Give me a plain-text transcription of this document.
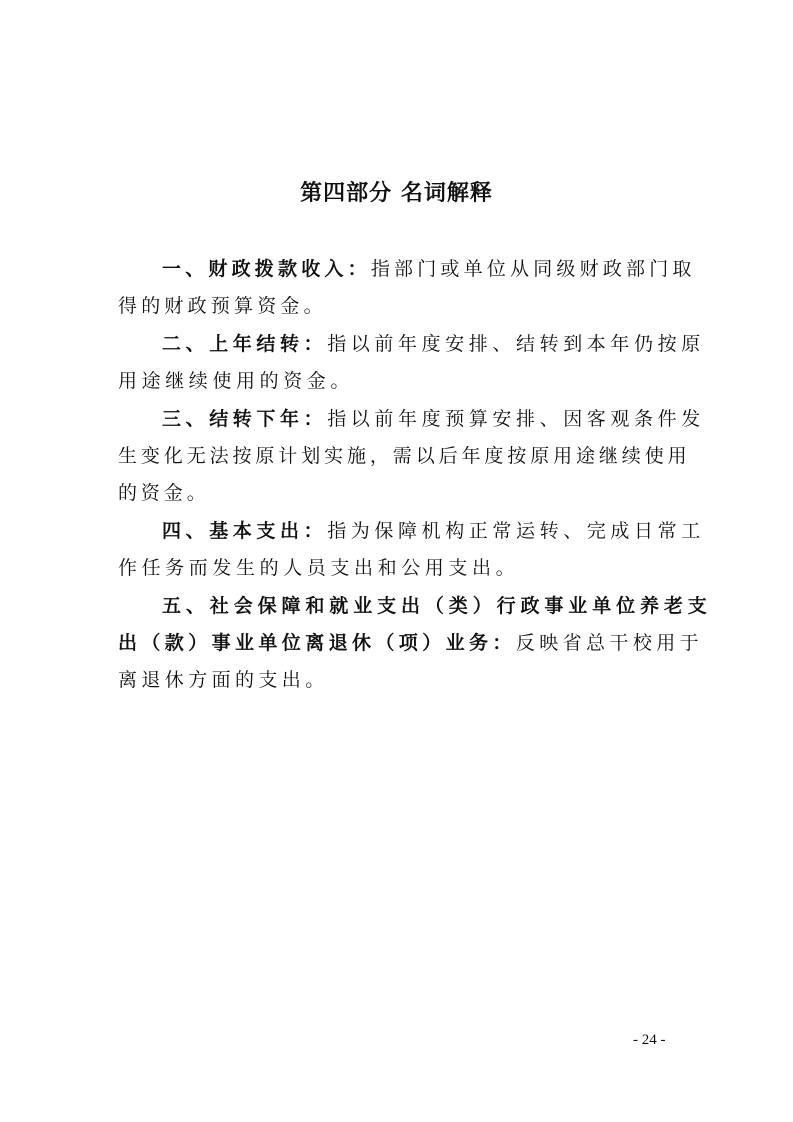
第四部分 名词解释
一、财政拨款收入：指部门或单位从同级财政部门取
得的财政预算资金。
二、上年结转：指以前年度安排、结转到本年仍按原
用途继续使用的资金。
三、结转下年：指以前年度预算安排、因客观条件发
生变化无法按原计划实施，需以后年度按原用途继续使用
的资金。
四、基本支出：指为保障机构正常运转、完成日常工
作任务而发生的人员支出和公用支出。
五、社会保障和就业支出（类）行政事业单位养老支
出（款）事业单位离退休（项）业务：反映省总干校用于
离退休方面的支出。
- 24 -
